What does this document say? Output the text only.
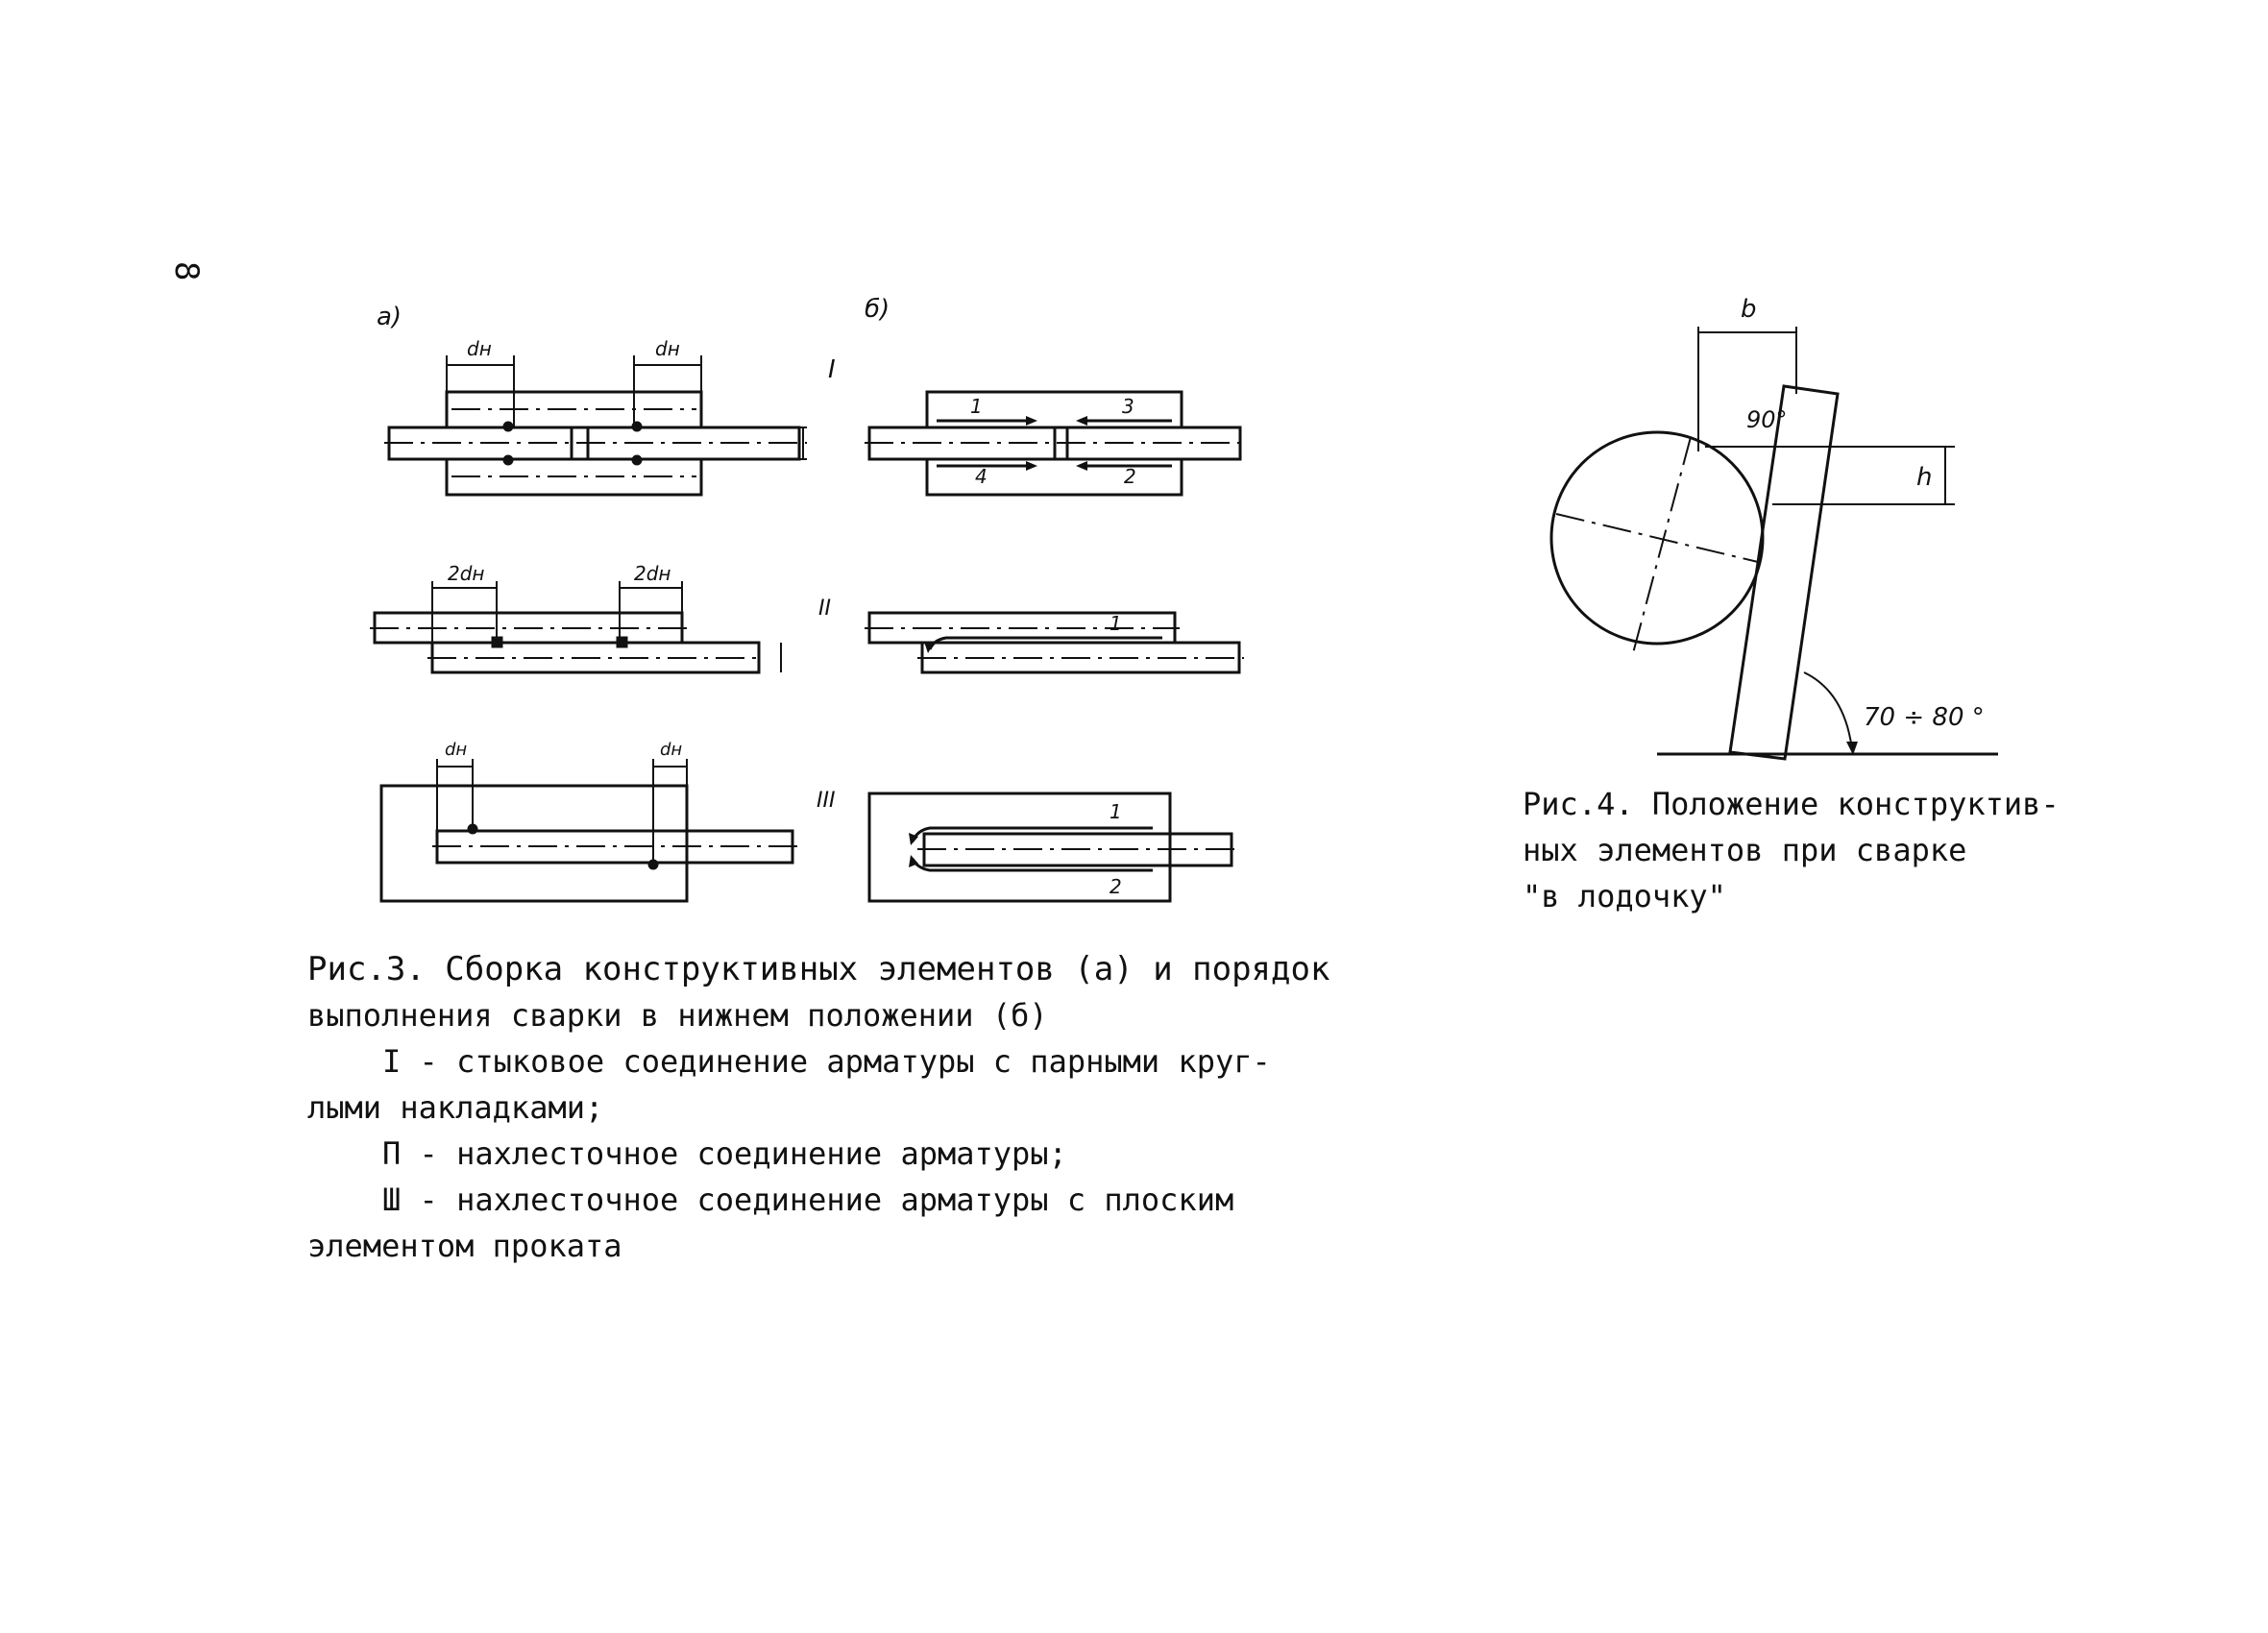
8
а)
dн	dн
2dн	2dн
dн	dн
I
II
III
б)
1	3
4	2
1
1
2
b
h
90°
70 ÷ 80 °
Рис.3. Сборка конструктивных элементов (а) и порядок
выполнения сварки в нижнем положении (б)
I - стыковое соединение арматуры с парными круг-
лыми накладками;
П - нахлесточное соединение арматуры;
Ш - нахлесточное соединение арматуры с плоским
элементом проката
Рис.4. Положение конструктив-
ных элементов при сварке
"в лодочку"
